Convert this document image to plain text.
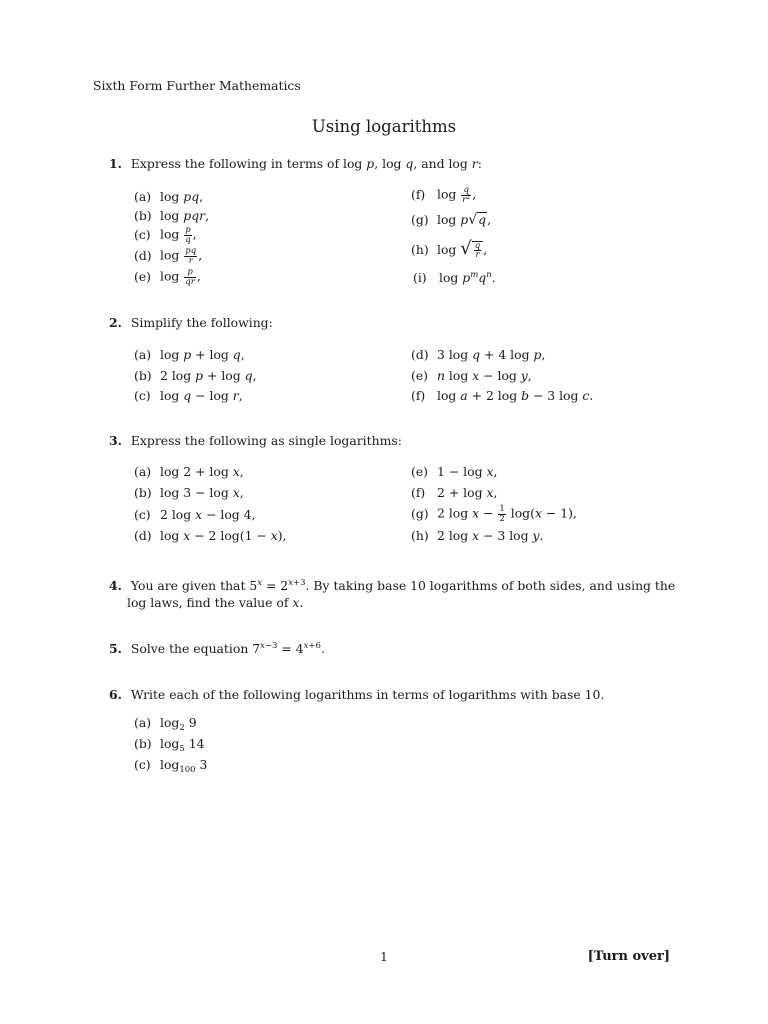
Sixth Form Further Mathematics
Using logarithms
1. Express the following in terms of log p, log q, and log r:
(a) log pq,
(b) log pqr,
(c) $\log \frac{p}{q}$ ,
(d) $\log \frac{pq}{r}$ ,
(e) $\log \frac{p}{qr}$ ,
(f) $\log \frac{q}{r^2}$ ,
(g) log p√q,
(h) log √ $\frac{q}{r}$ ,
(i) $\log p^mq^n$.
2. Simplify the following:
(a) log p + log q,
(b) 2 log p + log q,
(c) log q − log r,
(d) 3 log q + 4 log p,
(e) n log x − log y,
(f) log a + 2 log b − 3 log c.
3. Express the following as single logarithms:
(a) log 2 + log x,
(b) log 3 − log x,
(c) 2 log x − log 4,
(d) log x − 2 log(1 − x),
(e) 1 − log x,
(f) 2 + log x,
(g) 2 $\log x - \frac{1}{2} \log(x - 1)$,
(h) 2 log x − 3 log y.
4. You are given that $5^x = 2^{x+3}$. By taking base 10 logarithms of both sides, and using the
log laws, find the value of x.
5. Solve the equation $7^{x-3} = 4^{x+6}$.
6. Write each of the following logarithms in terms of logarithms with base 10.
(a) $\log_2 9$
(b) $\log_5 14$
(c) $\log_{100} 3$
1	[Turn over]
